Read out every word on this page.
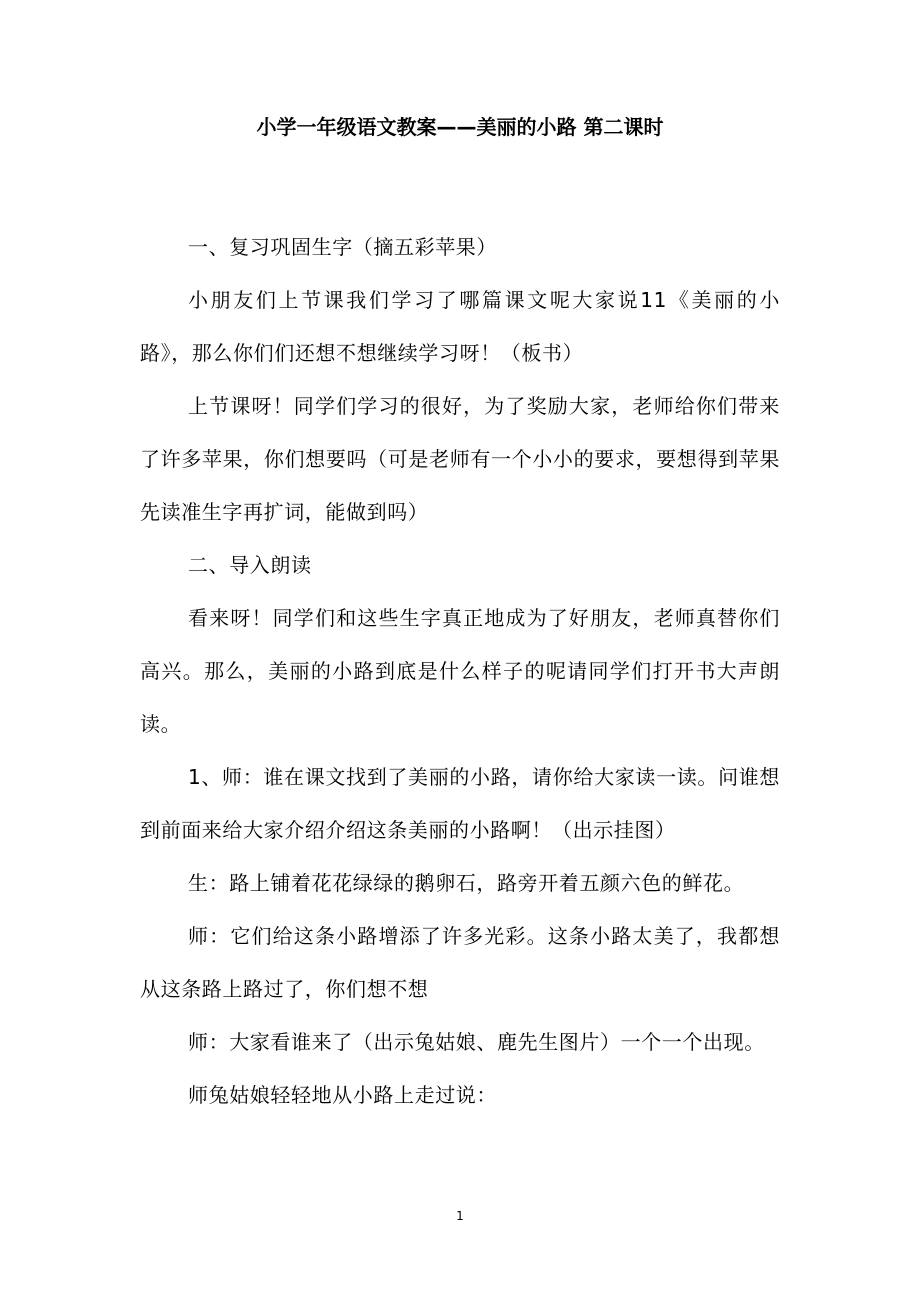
小学一年级语文教案——美丽的小路 第二课时

一、复习巩固生字（摘五彩苹果）

小朋友们上节课我们学习了哪篇课文呢大家说11《美丽的小路》，那么你们们还想不想继续学习呀！（板书）

上节课呀！同学们学习的很好，为了奖励大家，老师给你们带来了许多苹果，你们想要吗（可是老师有一个小小的要求，要想得到苹果先读准生字再扩词，能做到吗）

二、导入朗读

看来呀！同学们和这些生字真正地成为了好朋友，老师真替你们高兴。那么，美丽的小路到底是什么样子的呢请同学们打开书大声朗读。

1、师：谁在课文找到了美丽的小路，请你给大家读一读。问谁想到前面来给大家介绍介绍这条美丽的小路啊！（出示挂图）

生：路上铺着花花绿绿的鹅卵石，路旁开着五颜六色的鲜花。

师：它们给这条小路增添了许多光彩。这条小路太美了，我都想从这条路上路过了，你们想不想

师：大家看谁来了（出示兔姑娘、鹿先生图片）一个一个出现。

师兔姑娘轻轻地从小路上走过说：

1
